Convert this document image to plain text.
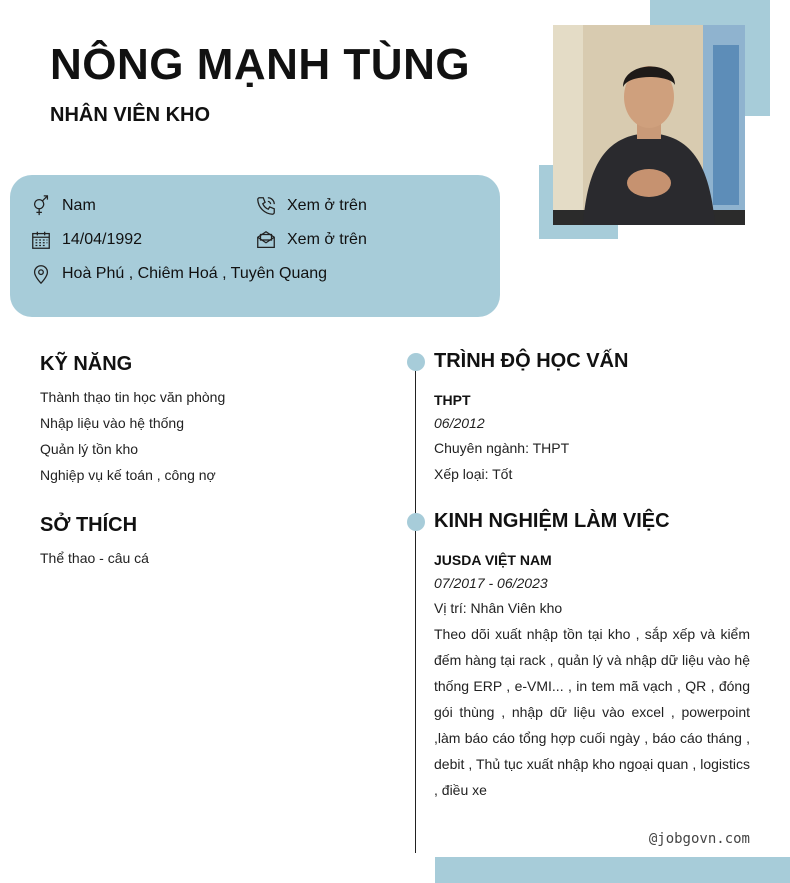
NÔNG MẠNH TÙNG
NHÂN VIÊN KHO
Nam	Xem ở trên
14/04/1992	Xem ở trên
Hoà Phú , Chiêm Hoá , Tuyên Quang
KỸ NĂNG
Thành thạo tin học văn phòng
Nhập liệu vào hệ thống
Quản lý tồn kho
Nghiệp vụ kế toán , công nợ
SỞ THÍCH
Thể thao - câu cá
TRÌNH ĐỘ HỌC VẤN
THPT
06/2012
Chuyên ngành: THPT
Xếp loại: Tốt
KINH NGHIỆM LÀM VIỆC
JUSDA VIỆT NAM
07/2017 - 06/2023
Vị trí: Nhân Viên kho
Theo dõi xuất nhập tồn tại kho , sắp xếp và kiểm đếm hàng tại rack , quản lý và nhập dữ liệu vào hệ thống ERP , e-VMI... , in tem mã vạch , QR , đóng gói thùng , nhập dữ liệu vào excel , powerpoint ,làm báo cáo tổng hợp cuối ngày , báo cáo tháng , debit , Thủ tục xuất nhập kho ngoại quan , logistics , điều xe
@jobgovn.com
